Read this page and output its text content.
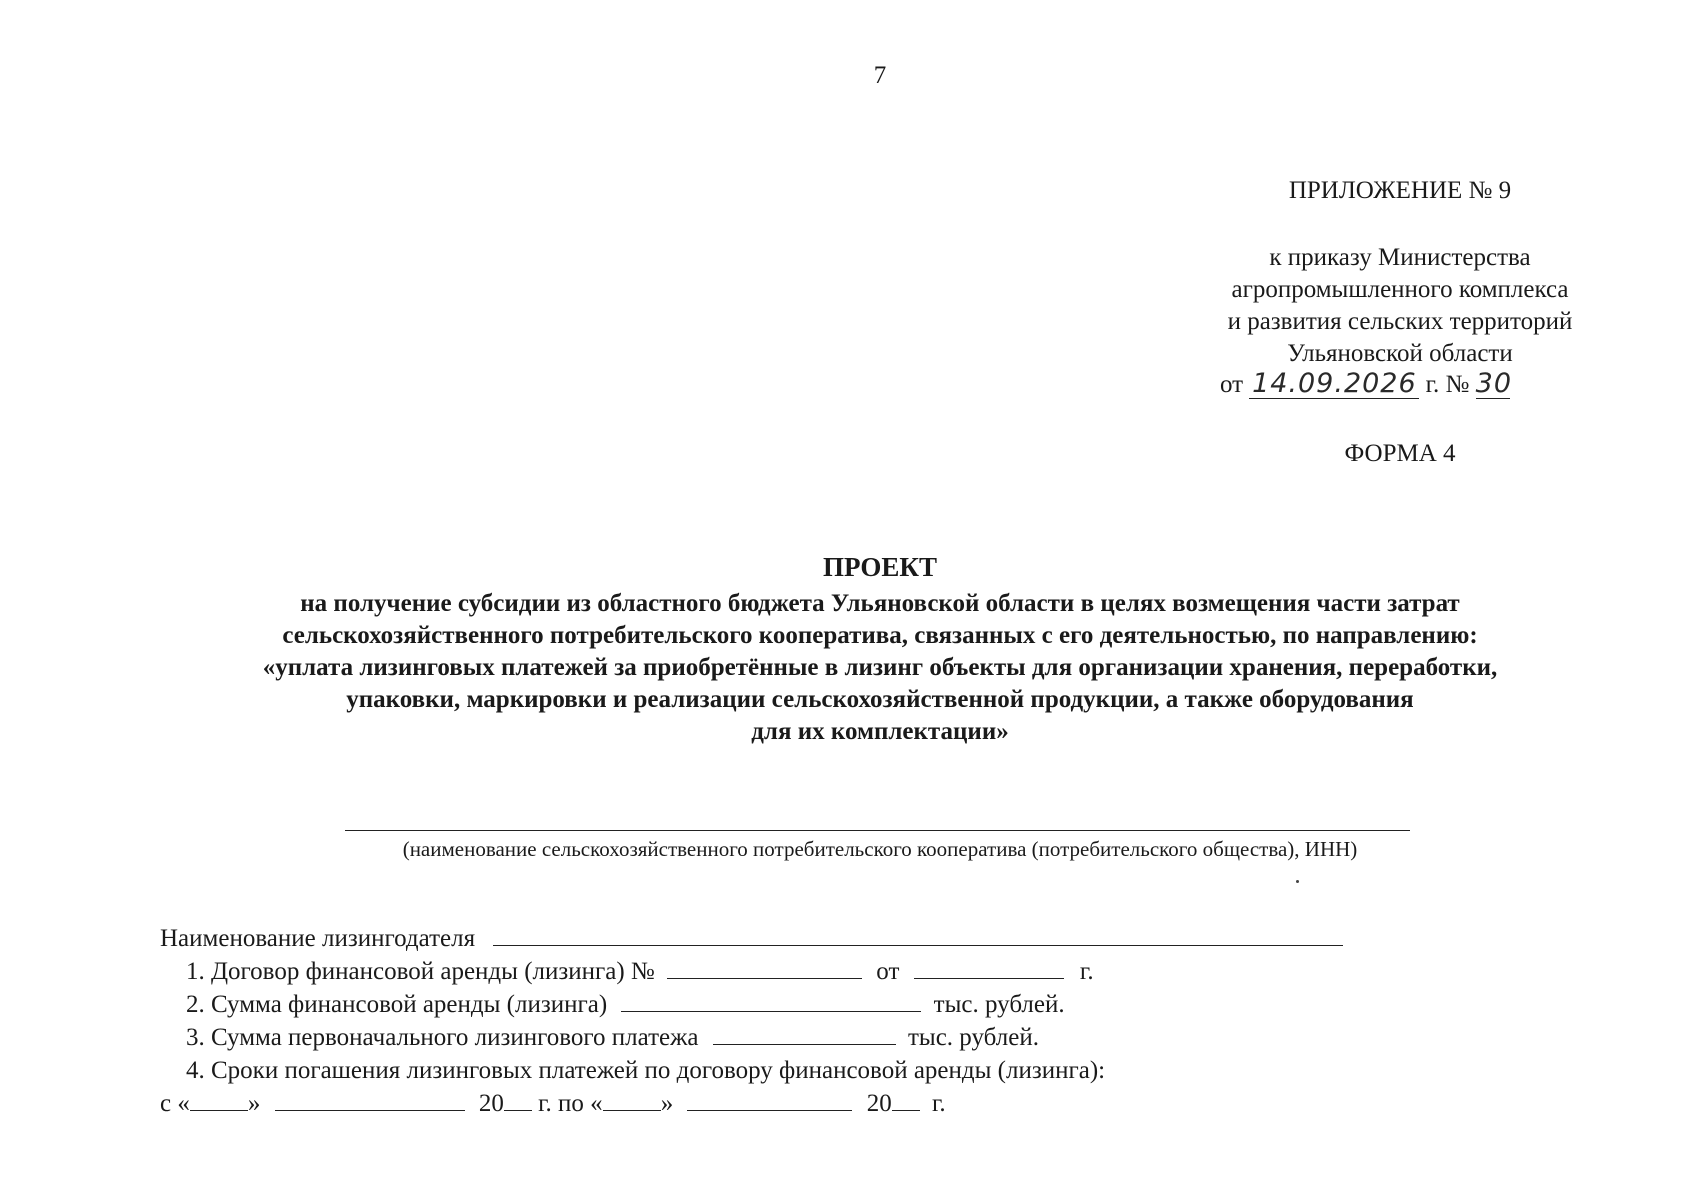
7
ПРИЛОЖЕНИЕ № 9
к приказу Министерства
агропромышленного комплекса
и развития сельских территорий
Ульяновской области
от 14.09.2026 г. № 30
ФОРМА 4
ПРОЕКТ
на получение субсидии из областного бюджета Ульяновской области в целях возмещения части затрат
сельскохозяйственного потребительского кооператива, связанных с его деятельностью, по направлению:
«уплата лизинговых платежей за приобретённые в лизинг объекты для организации хранения, переработки,
упаковки, маркировки и реализации сельскохозяйственной продукции, а также оборудования
для их комплектации»
(наименование сельскохозяйственного потребительского кооператива (потребительского общества), ИНН)
Наименование лизингодателя
1. Договор финансовой аренды (лизинга) №	от	г.
2. Сумма финансовой аренды (лизинга)	тыс. рублей.
3. Сумма первоначального лизингового платежа	тыс. рублей.
4. Сроки погашения лизинговых платежей по договору финансовой аренды (лизинга):
с « »	20 г. по « »	20 г.
